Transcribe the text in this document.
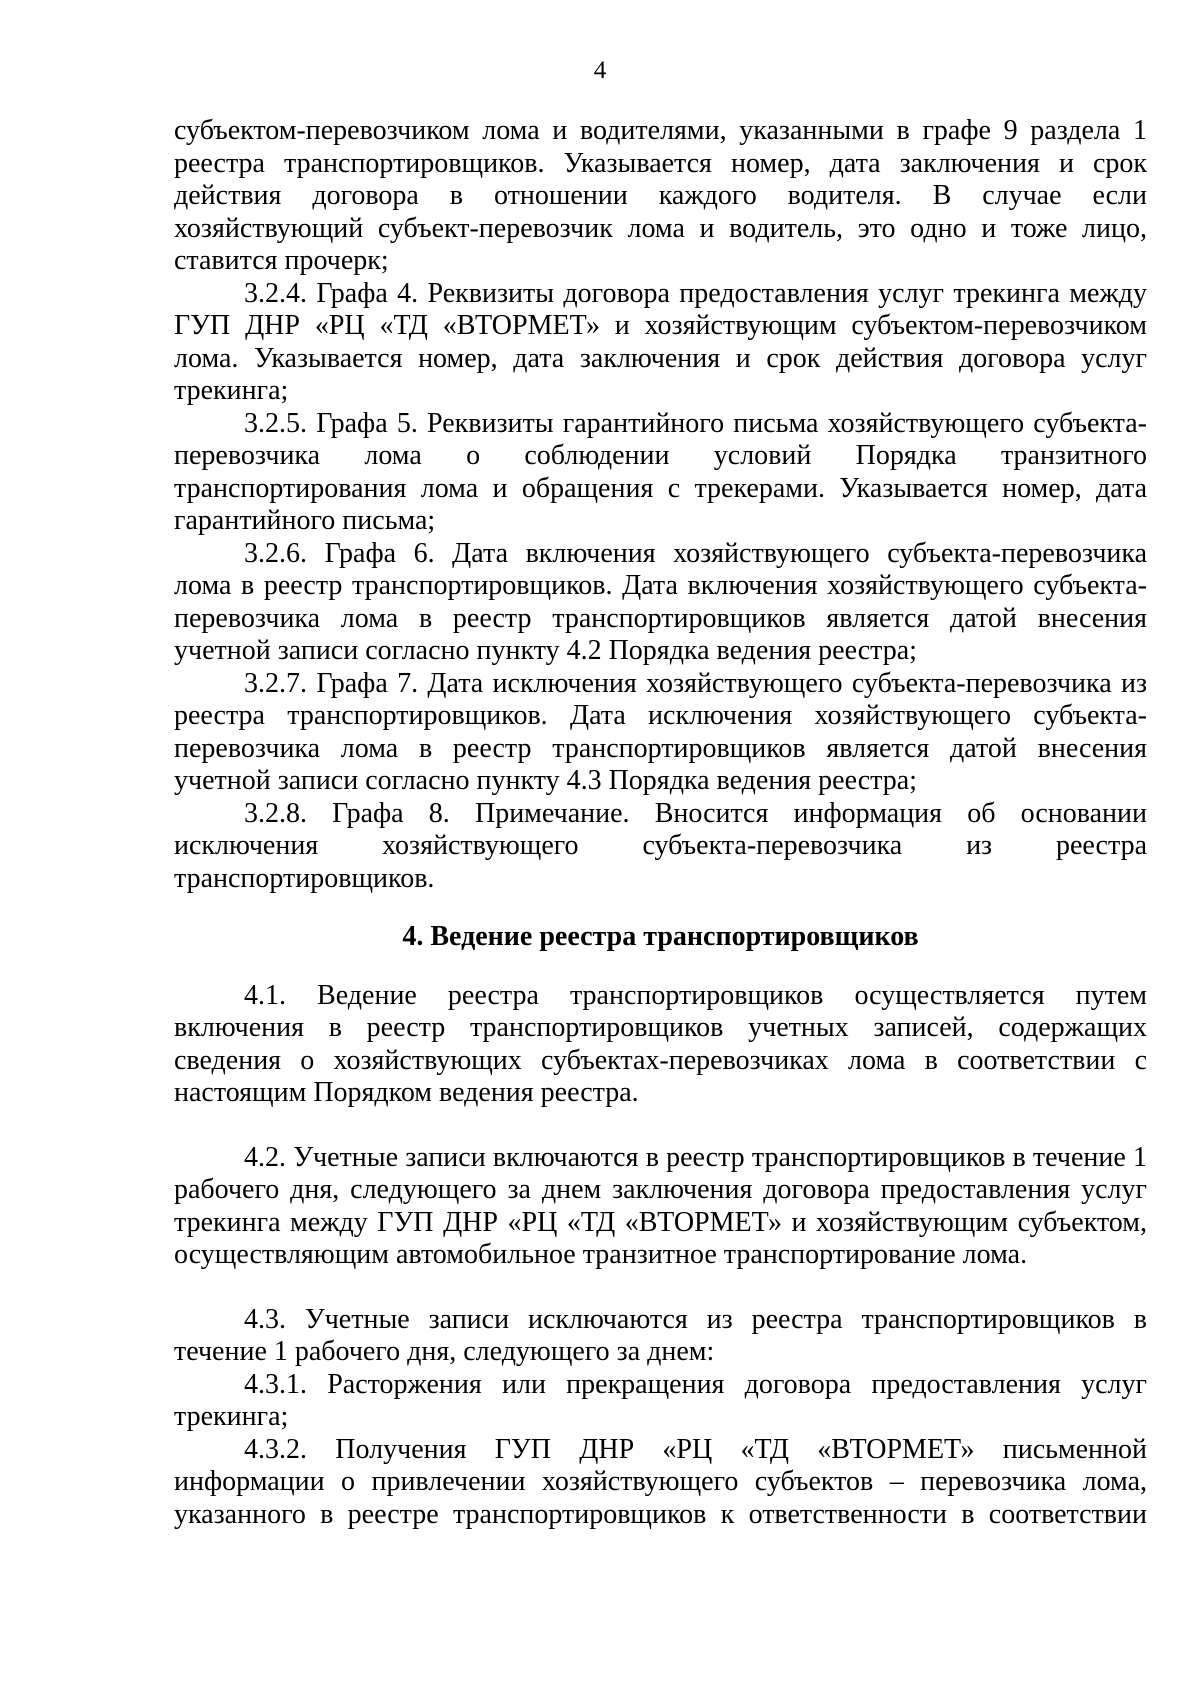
4

субъектом-перевозчиком лома и водителями, указанными в графе 9 раздела 1 реестра транспортировщиков. Указывается номер, дата заключения и срок действия договора в отношении каждого водителя. В случае если хозяйствующий субъект-перевозчик лома и водитель, это одно и тоже лицо, ставится прочерк;

3.2.4. Графа 4. Реквизиты договора предоставления услуг трекинга между ГУП ДНР «РЦ «ТД «ВТОРМЕТ» и хозяйствующим субъектом-перевозчиком лома. Указывается номер, дата заключения и срок действия договора услуг трекинга;

3.2.5. Графа 5. Реквизиты гарантийного письма хозяйствующего субъекта-перевозчика лома о соблюдении условий Порядка транзитного транспортирования лома и обращения с трекерами. Указывается номер, дата гарантийного письма;

3.2.6. Графа 6. Дата включения хозяйствующего субъекта-перевозчика лома в реестр транспортировщиков. Дата включения хозяйствующего субъекта-перевозчика лома в реестр транспортировщиков является датой внесения учетной записи согласно пункту 4.2 Порядка ведения реестра;

3.2.7. Графа 7. Дата исключения хозяйствующего субъекта-перевозчика из реестра транспортировщиков. Дата исключения хозяйствующего субъекта-перевозчика лома в реестр транспортировщиков является датой внесения учетной записи согласно пункту 4.3 Порядка ведения реестра;

3.2.8. Графа 8. Примечание. Вносится информация об основании исключения хозяйствующего субъекта-перевозчика из реестра транспортировщиков.

4. Ведение реестра транспортировщиков

4.1. Ведение реестра транспортировщиков осуществляется путем включения в реестр транспортировщиков учетных записей, содержащих сведения о хозяйствующих субъектах-перевозчиках лома в соответствии с настоящим Порядком ведения реестра.

4.2. Учетные записи включаются в реестр транспортировщиков в течение 1 рабочего дня, следующего за днем заключения договора предоставления услуг трекинга между ГУП ДНР «РЦ «ТД «ВТОРМЕТ» и хозяйствующим субъектом, осуществляющим автомобильное транзитное транспортирование лома.

4.3. Учетные записи исключаются из реестра транспортировщиков в течение 1 рабочего дня, следующего за днем:

4.3.1. Расторжения или прекращения договора предоставления услуг трекинга;

4.3.2. Получения ГУП ДНР «РЦ «ТД «ВТОРМЕТ» письменной информации о привлечении хозяйствующего субъектов – перевозчика лома, указанного в реестре транспортировщиков к ответственности в соответствии
